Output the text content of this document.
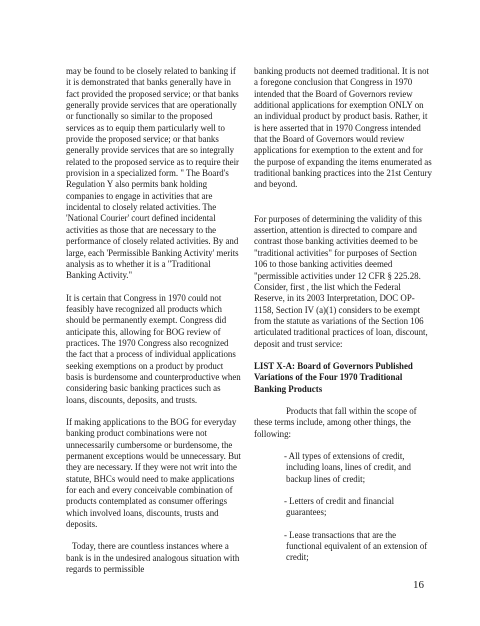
may be found to be closely related to banking if it is demonstrated that banks generally have in fact provided the proposed service; or that banks generally provide services that are operationally or functionally so similar to the proposed services as to equip them particularly well to provide the proposed service; or that banks generally provide services that are so integrally related to the proposed service as to require their provision in a specialized form. " The Board's Regulation Y also permits bank holding companies to engage in activities that are incidental to closely related activities. The 'National Courier' court defined incidental activities as those that are necessary to the performance of closely related activities. By and large, each 'Permissible Banking Activity' merits analysis as to whether it is a "Traditional Banking Activity."

It is certain that Congress in 1970 could not feasibly have recognized all products which should be permanently exempt. Congress did anticipate this, allowing for BOG review of practices. The 1970 Congress also recognized the fact that a process of individual applications seeking exemptions on a product by product basis is burdensome and counterproductive when considering basic banking practices such as loans, discounts, deposits, and trusts.

If making applications to the BOG for everyday banking product combinations were not unnecessarily cumbersome or burdensome, the permanent exceptions would be unnecessary. But they are necessary. If they were not writ into the statute, BHCs would need to make applications for each and every conceivable combination of products contemplated as consumer offerings which involved loans, discounts, trusts and deposits.

Today, there are countless instances where a bank is in the undesired analogous situation with regards to permissible

banking products not deemed traditional. It is not a foregone conclusion that Congress in 1970 intended that the Board of Governors review additional applications for exemption ONLY on an individual product by product basis. Rather, it is here asserted that in 1970 Congress intended that the Board of Governors would review applications for exemption to the extent and for the purpose of expanding the items enumerated as traditional banking practices into the 21st Century and beyond.

For purposes of determining the validity of this assertion, attention is directed to compare and contrast those banking activities deemed to be "traditional activities" for purposes of Section 106 to those banking activities deemed "permissible activities under 12 CFR § 225.28. Consider, first , the list which the Federal Reserve, in its 2003 Interpretation, DOC OP-1158, Section IV (a)(1) considers to be exempt from the statute as variations of the Section 106 articulated traditional practices of loan, discount, deposit and trust service:

LIST X-A: Board of Governors Published Variations of the Four 1970 Traditional Banking Products

Products that fall within the scope of these terms include, among other things, the following:

- All types of extensions of credit, including loans, lines of credit, and backup lines of credit;

- Letters of credit and financial guarantees;

- Lease transactions that are the functional equivalent of an extension of credit;

16
